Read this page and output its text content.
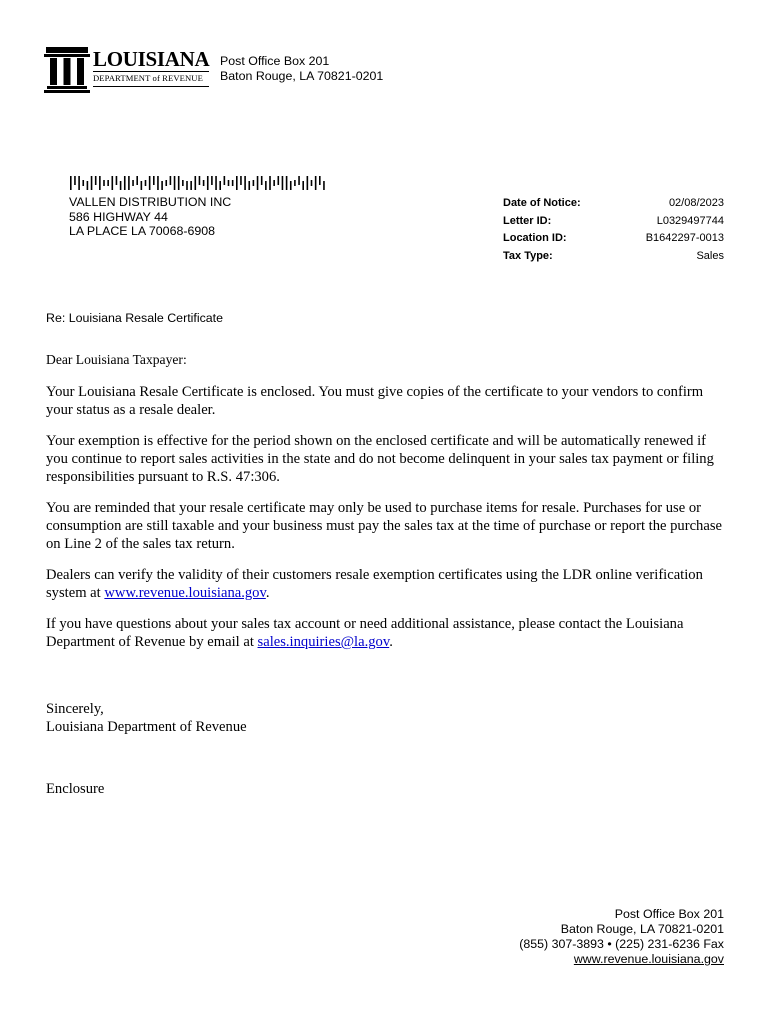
LOUISIANA
DEPARTMENT of REVENUE
Post Office Box 201
Baton Rouge, LA 70821-0201
VALLEN DISTRIBUTION INC
586 HIGHWAY 44
LA PLACE LA 70068-6908
Date of Notice:	02/08/2023
Letter ID:	L0329497744
Location ID:	B1642297-0013
Tax Type:	Sales
Re: Louisiana Resale Certificate
Dear Louisiana Taxpayer:

Your Louisiana Resale Certificate is enclosed. You must give copies of the certificate to your vendors to confirm your status as a resale dealer.

Your exemption is effective for the period shown on the enclosed certificate and will be automatically renewed if you continue to report sales activities in the state and do not become delinquent in your sales tax payment or filing responsibilities pursuant to R.S. 47:306.

You are reminded that your resale certificate may only be used to purchase items for resale. Purchases for use or consumption are still taxable and your business must pay the sales tax at the time of purchase or report the purchase on Line 2 of the sales tax return.

Dealers can verify the validity of their customers resale exemption certificates using the LDR online verification system at www.revenue.louisiana.gov.

If you have questions about your sales tax account or need additional assistance, please contact the Louisiana Department of Revenue by email at sales.inquiries@la.gov.

Sincerely,
Louisiana Department of Revenue
Enclosure
Post Office Box 201
Baton Rouge, LA 70821-0201
(855) 307-3893 • (225) 231-6236 Fax
www.revenue.louisiana.gov
